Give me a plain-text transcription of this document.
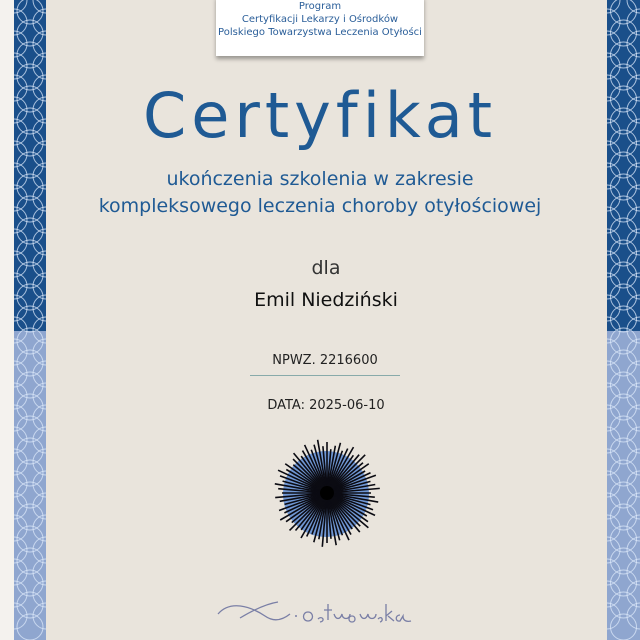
Program
Certyfikacji Lekarzy i Ośrodków
Polskiego Towarzystwa Leczenia Otyłości
Certyfikat
ukończenia szkolenia w zakresie
kompleksowego leczenia choroby otyłościowej
dla
Emil Niedziński
NPWZ. 2216600
DATA: 2025-06-10
